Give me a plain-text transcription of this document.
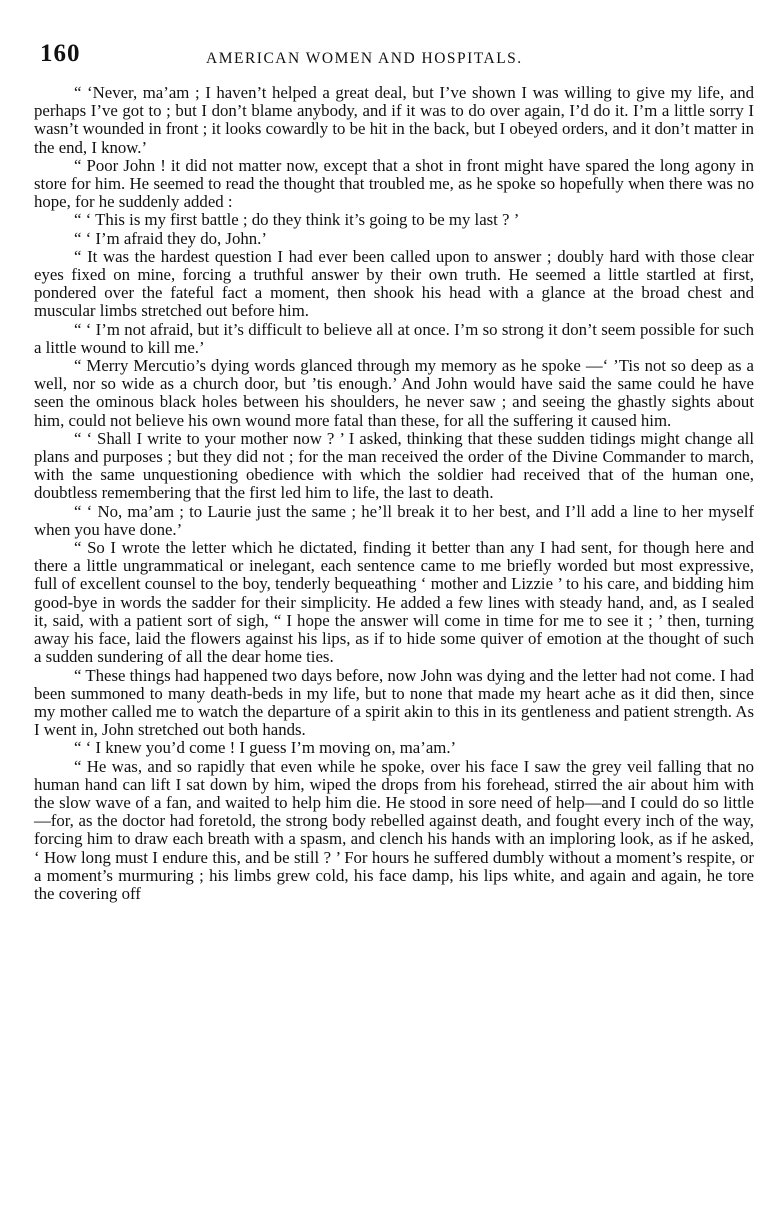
160	AMERICAN WOMEN AND HOSPITALS.

“ ‘Never, ma’am ; I haven’t helped a great deal, but I’ve shown I was willing to give my life, and perhaps I’ve got to ; but I don’t blame anybody, and if it was to do over again, I’d do it. I’m a little sorry I wasn’t wounded in front ; it looks cowardly to be hit in the back, but I obeyed orders, and it don’t matter in the end, I know.’

“ Poor John ! it did not matter now, except that a shot in front might have spared the long agony in store for him. He seemed to read the thought that troubled me, as he spoke so hopefully when there was no hope, for he suddenly added :

“ ‘ This is my first battle ; do they think it’s going to be my last ? ’

“ ‘ I’m afraid they do, John.’

“ It was the hardest question I had ever been called upon to answer ; doubly hard with those clear eyes fixed on mine, forcing a truthful answer by their own truth. He seemed a little startled at first, pondered over the fateful fact a moment, then shook his head with a glance at the broad chest and muscular limbs stretched out before him.

“ ‘ I’m not afraid, but it’s difficult to believe all at once. I’m so strong it don’t seem possible for such a little wound to kill me.’

“ Merry Mercutio’s dying words glanced through my memory as he spoke —‘ ’Tis not so deep as a well, nor so wide as a church door, but ’tis enough.’ And John would have said the same could he have seen the ominous black holes between his shoulders, he never saw ; and seeing the ghastly sights about him, could not believe his own wound more fatal than these, for all the suffering it caused him.

“ ‘ Shall I write to your mother now ? ’ I asked, thinking that these sudden tidings might change all plans and purposes ; but they did not ; for the man received the order of the Divine Commander to march, with the same unquestioning obedience with which the soldier had received that of the human one, doubtless remembering that the first led him to life, the last to death.

“ ‘ No, ma’am ; to Laurie just the same ; he’ll break it to her best, and I’ll add a line to her myself when you have done.’

“ So I wrote the letter which he dictated, finding it better than any I had sent, for though here and there a little ungrammatical or inelegant, each sentence came to me briefly worded but most expressive, full of excellent counsel to the boy, tenderly bequeathing ‘ mother and Lizzie ’ to his care, and bidding him good-bye in words the sadder for their simplicity. He added a few lines with steady hand, and, as I sealed it, said, with a patient sort of sigh, “ I hope the answer will come in time for me to see it ; ’ then, turning away his face, laid the flowers against his lips, as if to hide some quiver of emotion at the thought of such a sudden sundering of all the dear home ties.

“ These things had happened two days before, now John was dying and the letter had not come. I had been summoned to many death-beds in my life, but to none that made my heart ache as it did then, since my mother called me to watch the departure of a spirit akin to this in its gentleness and patient strength. As I went in, John stretched out both hands.

“ ‘ I knew you’d come ! I guess I’m moving on, ma’am.’

“ He was, and so rapidly that even while he spoke, over his face I saw the grey veil falling that no human hand can lift I sat down by him, wiped the drops from his forehead, stirred the air about him with the slow wave of a fan, and waited to help him die. He stood in sore need of help—and I could do so little—for, as the doctor had foretold, the strong body rebelled against death, and fought every inch of the way, forcing him to draw each breath with a spasm, and clench his hands with an imploring look, as if he asked, ‘ How long must I endure this, and be still ? ’ For hours he suffered dumbly without a moment’s respite, or a moment’s murmuring ; his limbs grew cold, his face damp, his lips white, and again and again, he tore the covering off
